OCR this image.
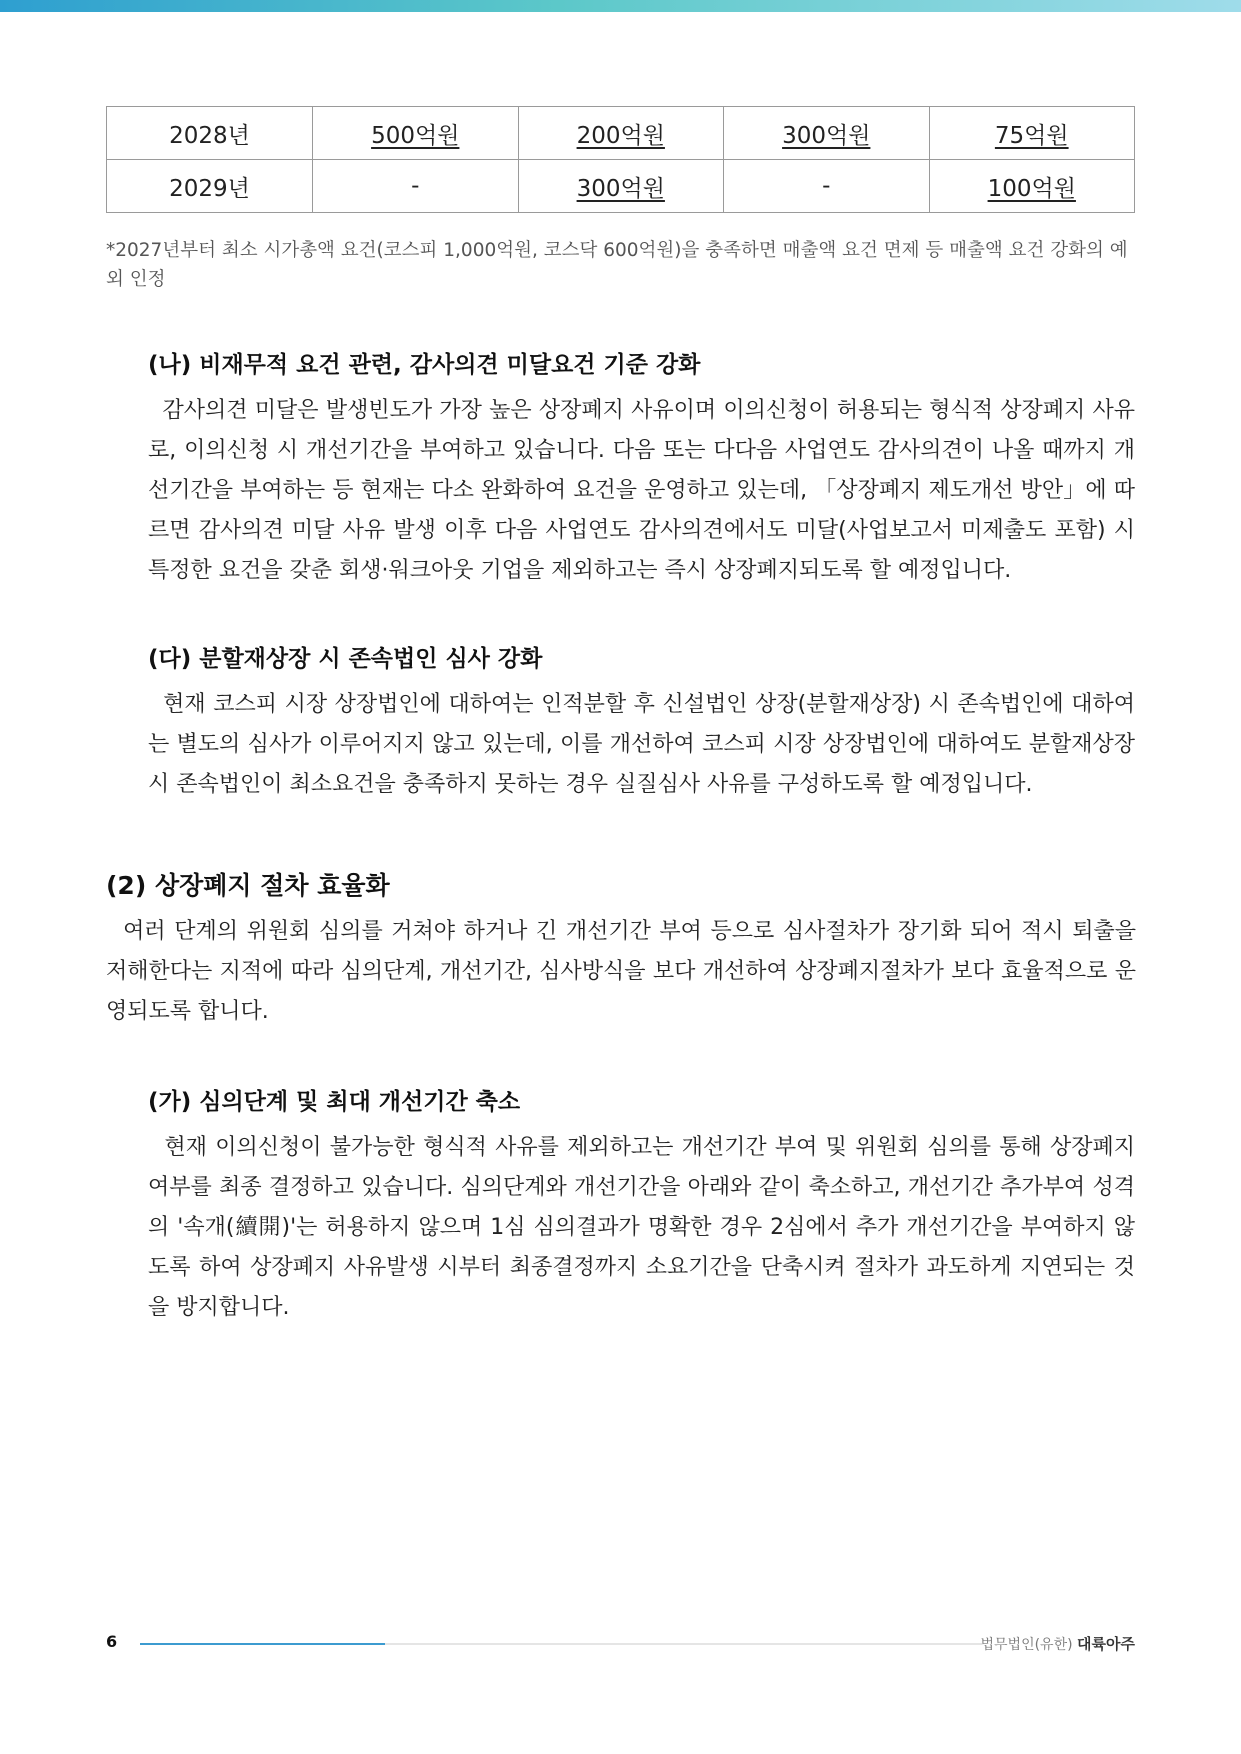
2028년	500억원	200억원	300억원	75억원
2029년	-	300억원	-	100억원
*2027년부터 최소 시가총액 요건(코스피 1,000억원, 코스닥 600억원)을 충족하면 매출액 요건 면제 등 매출액 요건 강화의 예외 인정
(나) 비재무적 요건 관련, 감사의견 미달요건 기준 강화
감사의견 미달은 발생빈도가 가장 높은 상장폐지 사유이며 이의신청이 허용되는 형식적 상장폐지 사유로, 이의신청 시 개선기간을 부여하고 있습니다. 다음 또는 다다음 사업연도 감사의견이 나올 때까지 개선기간을 부여하는 등 현재는 다소 완화하여 요건을 운영하고 있는데, 「상장폐지 제도개선 방안」에 따르면 감사의견 미달 사유 발생 이후 다음 사업연도 감사의견에서도 미달(사업보고서 미제출도 포함) 시 특정한 요건을 갖춘 회생·워크아웃 기업을 제외하고는 즉시 상장폐지되도록 할 예정입니다.
(다) 분할재상장 시 존속법인 심사 강화
현재 코스피 시장 상장법인에 대하여는 인적분할 후 신설법인 상장(분할재상장) 시 존속법인에 대하여는 별도의 심사가 이루어지지 않고 있는데, 이를 개선하여 코스피 시장 상장법인에 대하여도 분할재상장 시 존속법인이 최소요건을 충족하지 못하는 경우 실질심사 사유를 구성하도록 할 예정입니다.
(2) 상장폐지 절차 효율화
여러 단계의 위원회 심의를 거쳐야 하거나 긴 개선기간 부여 등으로 심사절차가 장기화 되어 적시 퇴출을 저해한다는 지적에 따라 심의단계, 개선기간, 심사방식을 보다 개선하여 상장폐지절차가 보다 효율적으로 운영되도록 합니다.
(가) 심의단계 및 최대 개선기간 축소
현재 이의신청이 불가능한 형식적 사유를 제외하고는 개선기간 부여 및 위원회 심의를 통해 상장폐지 여부를 최종 결정하고 있습니다. 심의단계와 개선기간을 아래와 같이 축소하고, 개선기간 추가부여 성격의 '속개(續開)'는 허용하지 않으며 1심 심의결과가 명확한 경우 2심에서 추가 개선기간을 부여하지 않도록 하여 상장폐지 사유발생 시부터 최종결정까지 소요기간을 단축시켜 절차가 과도하게 지연되는 것을 방지합니다.
6	법무법인(유한) 대륙아주
